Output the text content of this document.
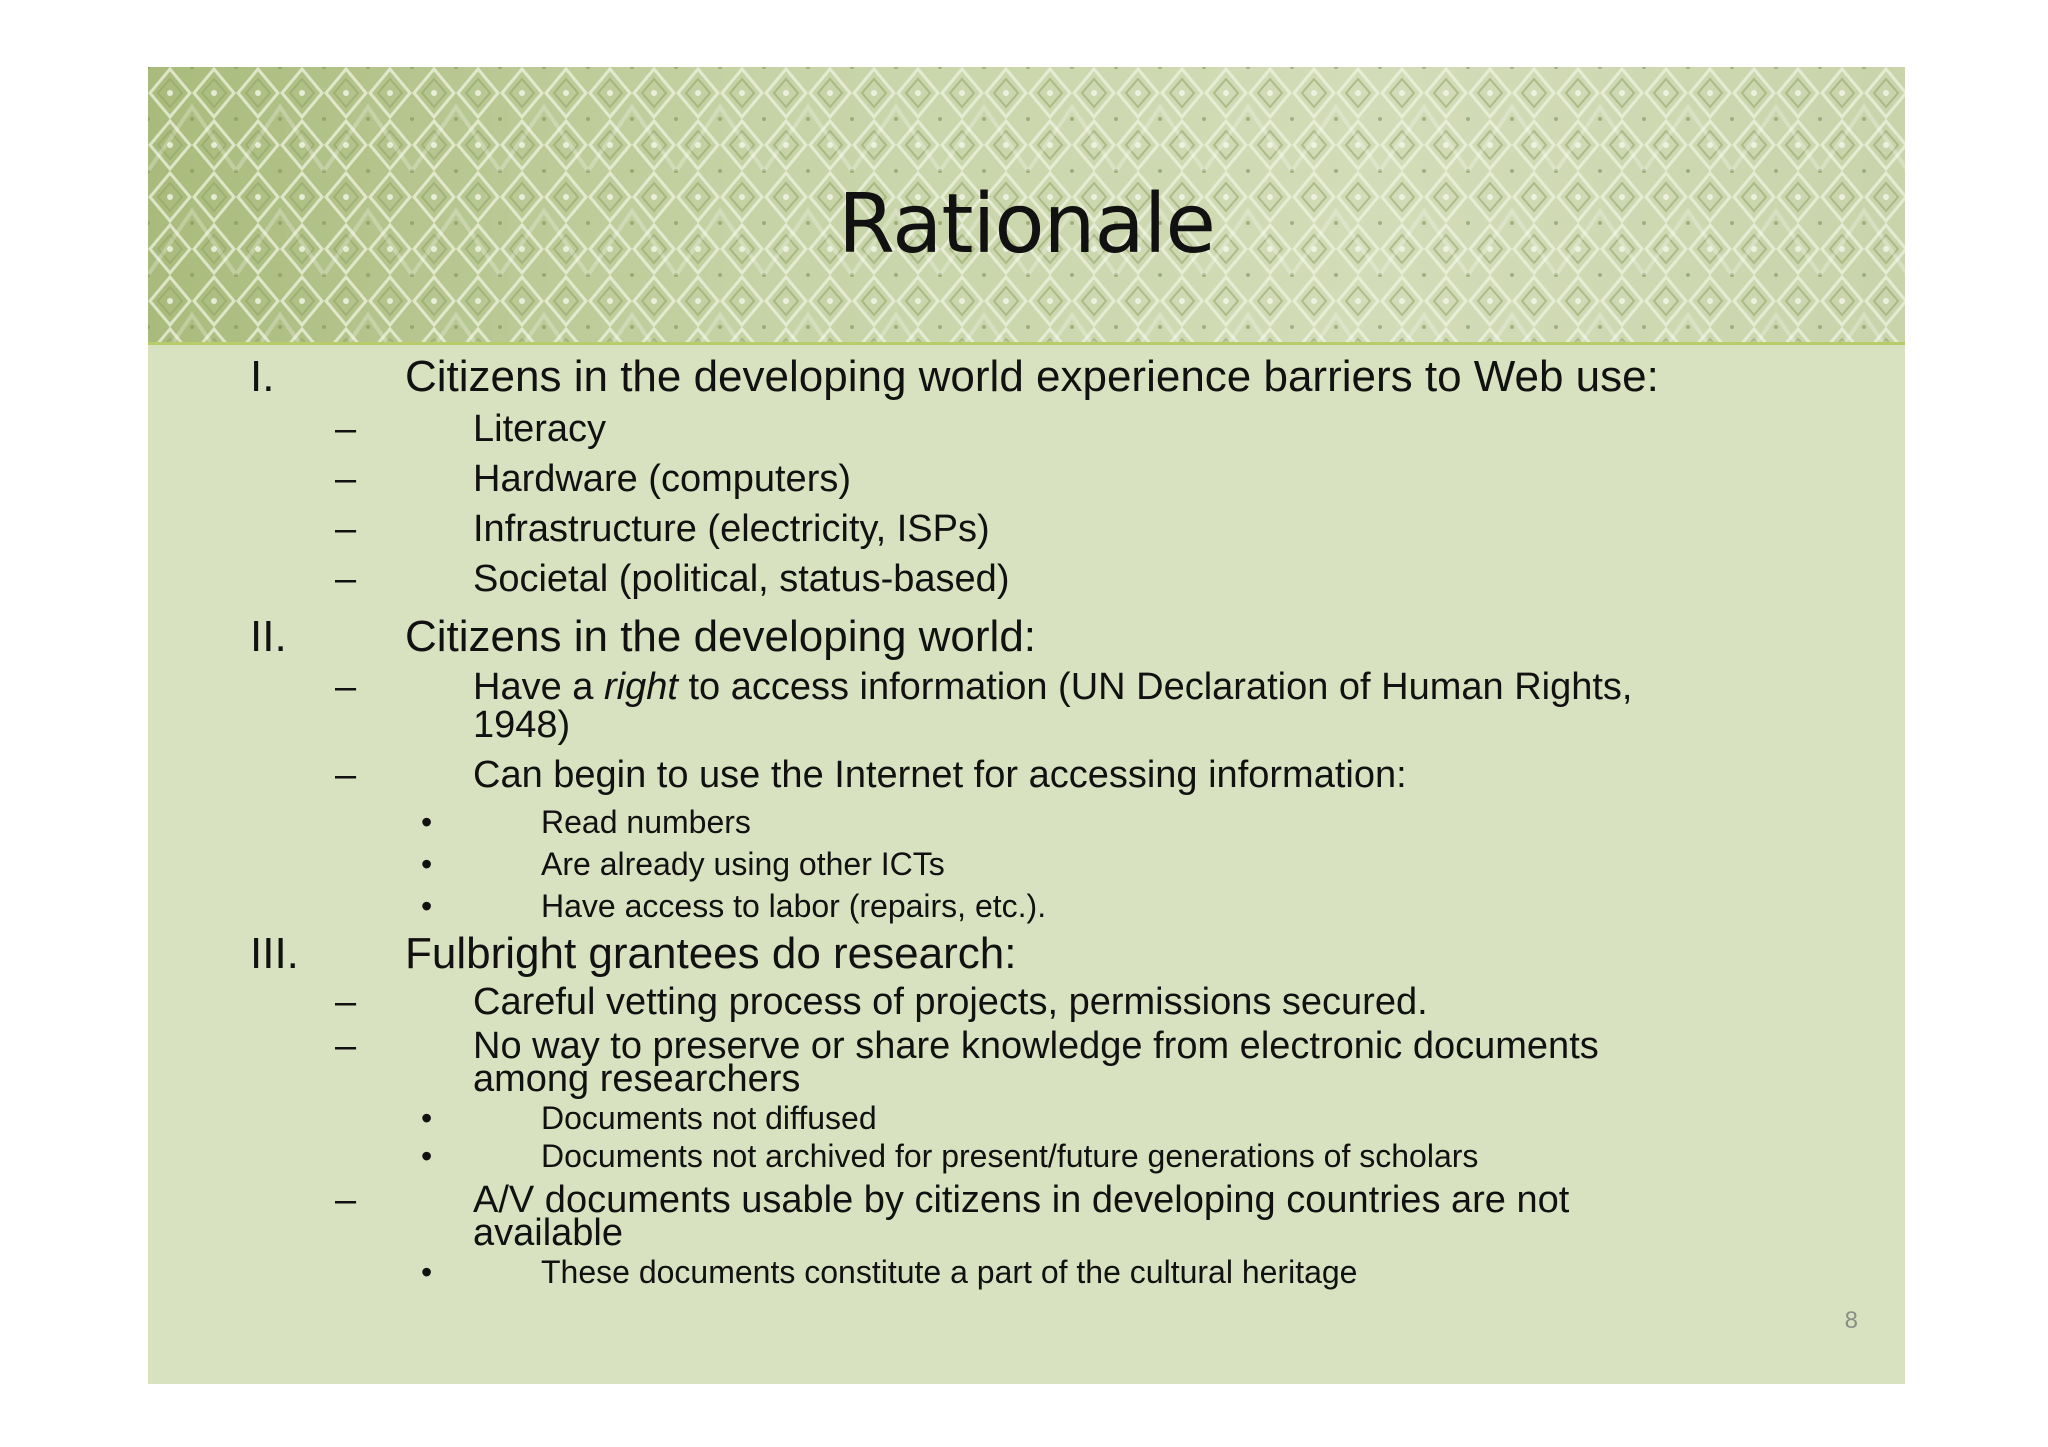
Rationale
I.	Citizens in the developing world experience barriers to Web use:
–	Literacy
–	Hardware (computers)
–	Infrastructure (electricity, ISPs)
–	Societal (political, status-based)
II.	Citizens in the developing world:
–	Have a right to access information (UN Declaration of Human Rights,
1948)
–	Can begin to use the Internet for accessing information:
•	Read numbers
•	Are already using other ICTs
•	Have access to labor (repairs, etc.).
III. Fulbright grantees do research:
–	Careful vetting process of projects, permissions secured.
–	No way to preserve or share knowledge from electronic documents
among researchers
•	Documents not diffused
•	Documents not archived for present/future generations of scholars
–	A/V documents usable by citizens in developing countries are not
available
•	These documents constitute a part of the cultural heritage
8
